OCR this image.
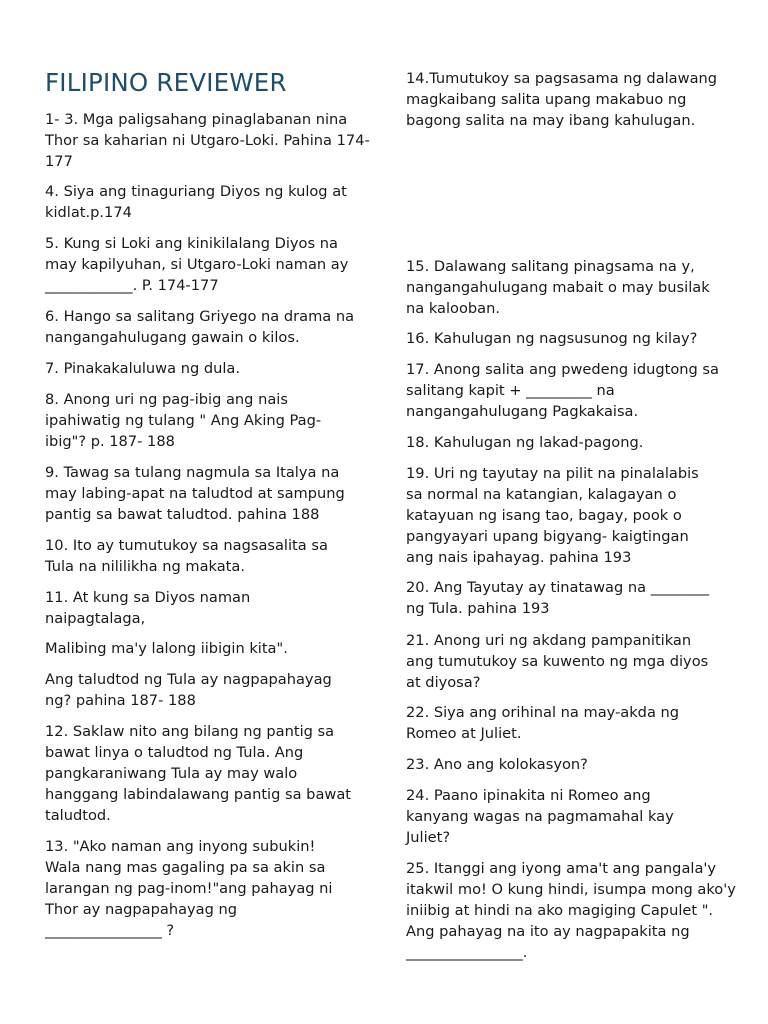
FILIPINO REVIEWER

1- 3. Mga paligsahang pinaglabanan nina Thor sa kaharian ni Utgaro-Loki. Pahina 174-177

4. Siya ang tinaguriang Diyos ng kulog at kidlat.p.174

5. Kung si Loki ang kinikilalang Diyos na may kapilyuhan, si Utgaro-Loki naman ay ____________. P. 174-177

6. Hango sa salitang Griyego na drama na nangangahulugang gawain o kilos.

7. Pinakakaluluwa ng dula.

8. Anong uri ng pag-ibig ang nais ipahiwatig ng tulang " Ang Aking Pag-ibig"? p. 187- 188

9. Tawag sa tulang nagmula sa Italya na may labing-apat na taludtod at sampung pantig sa bawat taludtod. pahina 188

10. Ito ay tumutukoy sa nagsasalita sa Tula na nililikha ng makata.

11. At kung sa Diyos naman naipagtalaga,

Malibing ma'y lalong iibigin kita".

Ang taludtod ng Tula ay nagpapahayag ng? pahina 187- 188

12. Saklaw nito ang bilang ng pantig sa bawat linya o taludtod ng Tula. Ang pangkaraniwang Tula ay may walo hanggang labindalawang pantig sa bawat taludtod.

13. "Ako naman ang inyong subukin! Wala nang mas gagaling pa sa akin sa larangan ng pag-inom!"ang pahayag ni Thor ay nagpapahayag ng ________________ ?

14.Tumutukoy sa pagsasama ng dalawang magkaibang salita upang makabuo ng bagong salita na may ibang kahulugan.

15. Dalawang salitang pinagsama na y, nangangahulugang mabait o may busilak na kalooban.

16. Kahulugan ng nagsusunog ng kilay?

17. Anong salita ang pwedeng idugtong sa salitang kapit + _________ na nangangahulugang Pagkakaisa.

18. Kahulugan ng lakad-pagong.

19. Uri ng tayutay na pilit na pinalalabis sa normal na katangian, kalagayan o katayuan ng isang tao, bagay, pook o pangyayari upang bigyang- kaigtingan ang nais ipahayag. pahina 193

20. Ang Tayutay ay tinatawag na ________ ng Tula. pahina 193

21. Anong uri ng akdang pampanitikan ang tumutukoy sa kuwento ng mga diyos at diyosa?

22. Siya ang orihinal na may-akda ng Romeo at Juliet.

23. Ano ang kolokasyon?

24. Paano ipinakita ni Romeo ang kanyang wagas na pagmamahal kay Juliet?

25. Itanggi ang iyong ama't ang pangala'y itakwil mo! O kung hindi, isumpa mong ako'y iniibig at hindi na ako magiging Capulet ". Ang pahayag na ito ay nagpapakita ng ________________.
